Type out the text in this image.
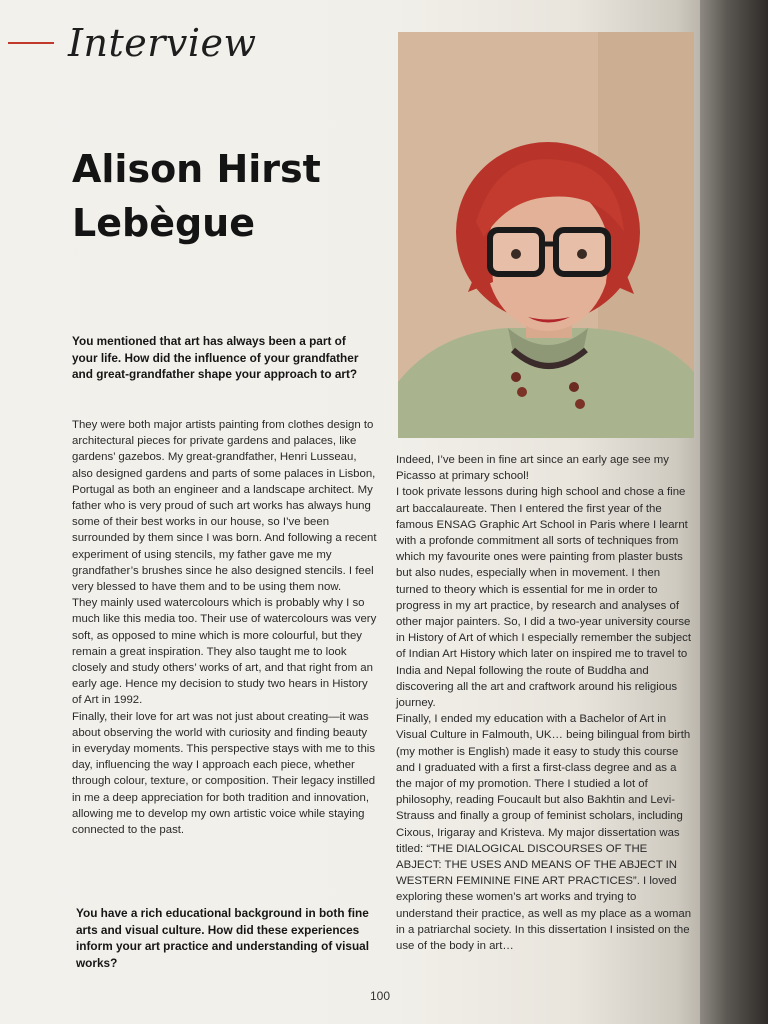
Interview
Alison Hirst
Lebègue

You mentioned that art has always been a part of your life. How did the influence of your grandfather and great-grandfather shape your approach to art?

They were both major artists painting from clothes design to architectural pieces for private gardens and palaces, like gardens’ gazebos. My great-grandfather, Henri Lusseau, also designed gardens and parts of some palaces in Lisbon, Portugal as both an engineer and a landscape architect. My father who is very proud of such art works has always hung some of their best works in our house, so I’ve been surrounded by them since I was born. And following a recent experiment of using stencils, my father gave me my grandfather’s brushes since he also designed stencils. I feel very blessed to have them and to be using them now.

They mainly used watercolours which is probably why I so much like this media too. Their use of watercolours was very soft, as opposed to mine which is more colourful, but they remain a great inspiration. They also taught me to look closely and study others’ works of art, and that right from an early age. Hence my decision to study two hears in History of Art in 1992.

Finally, their love for art was not just about creating—it was about observing the world with curiosity and finding beauty in everyday moments. This perspective stays with me to this day, influencing the way I approach each piece, whether through colour, texture, or composition. Their legacy instilled in me a deep appreciation for both tradition and innovation, allowing me to develop my own artistic voice while staying connected to the past.

You have a rich educational background in both fine arts and visual culture. How did these experiences inform your art practice and understanding of visual works?

Indeed, I’ve been in fine art since an early age see my Picasso at primary school!

I took private lessons during high school and chose a fine art baccalaureate. Then I entered the first year of the famous ENSAG Graphic Art School in Paris where I learnt with a profonde commitment all sorts of techniques from which my favourite ones were painting from plaster busts but also nudes, especially when in movement. I then turned to theory which is essential for me in order to progress in my art practice, by research and analyses of other major painters. So, I did a two-year university course in History of Art of which I especially remember the subject of Indian Art History which later on inspired me to travel to India and Nepal following the route of Buddha and discovering all the art and craftwork around his religious journey.

Finally, I ended my education with a Bachelor of Art in Visual Culture in Falmouth, UK… being bilingual from birth (my mother is English) made it easy to study this course and I graduated with a first a first-class degree and as a the major of my promotion. There I studied a lot of philosophy, reading Foucault but also Bakhtin and Levi-Strauss and finally a group of feminist scholars, including Cixous, Irigaray and Kristeva. My major dissertation was titled: “THE DIALOGICAL DISCOURSES OF THE ABJECT: THE USES AND MEANS OF THE ABJECT IN WESTERN FEMININE FINE ART PRACTICES”. I loved exploring these women’s art works and trying to understand their practice, as well as my place as a woman in a patriarchal society. In this dissertation I insisted on the use of the body in art…

100
